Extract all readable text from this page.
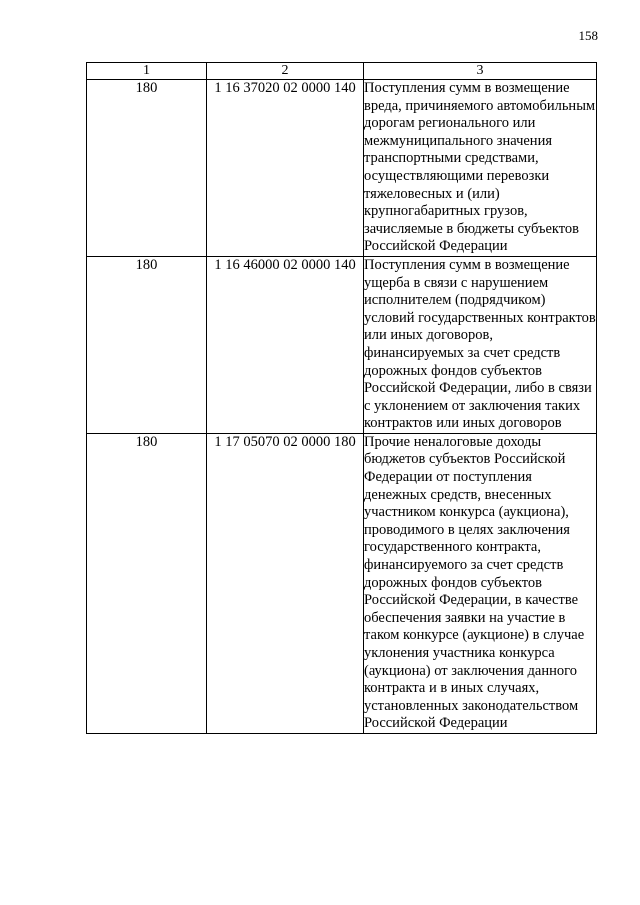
158
1	2	3
180	1 16 37020 02 0000 140	Поступления сумм в возмещение вреда, причиняемого автомобильным дорогам регионального или межмуниципального значения транспортными средствами, осуществляющими перевозки тяжеловесных и (или) крупногабаритных грузов, зачисляемые в бюджеты субъектов Российской Федерации
180	1 16 46000 02 0000 140	Поступления сумм в возмещение ущерба в связи с нарушением исполнителем (подрядчиком) условий государственных контрактов или иных договоров, финансируемых за счет средств дорожных фондов субъектов Российской Федерации, либо в связи с уклонением от заключения таких контрактов или иных договоров
180	1 17 05070 02 0000 180	Прочие неналоговые доходы бюджетов субъектов Российской Федерации от поступления денежных средств, внесенных участником конкурса (аукциона), проводимого в целях заключения государственного контракта, финансируемого за счет средств дорожных фондов субъектов Российской Федерации, в качестве обеспечения заявки на участие в таком конкурсе (аукционе) в случае уклонения участника конкурса (аукциона) от заключения данного контракта и в иных случаях, установленных законодательством Российской Федерации
